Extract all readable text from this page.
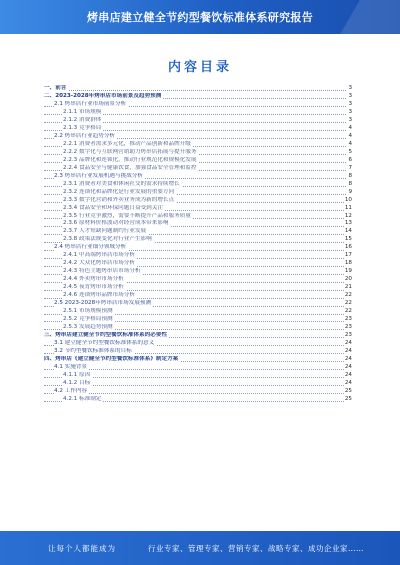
烤串店建立健全节约型餐饮标准体系研究报告
内容目录
一、前言	3
二、2023-2028年烤串店市场前景及趋势预测	3
2.1 烤串店行业市场前景分析	3
2.1.1 市场规模	3
2.1.2 消费群体	3
2.1.3 竞争格局	4
2.2 烤串店行业趋势分析	4
2.2.1 消费者需求多元化，推动产品创新和品牌升级	4
2.2.2 数字化与互联网营销助力烤串店拓展与提升服务	5
2.2.3 品牌化和连锁化，推动行业规范化和规模化发展	6
2.2.4 食品安全与健康饮食，加强食品安全管理和监控	7
2.3 烤串店行业发展机遇与挑战分析	8
2.3.1 消费者对美食和休闲社交的需求持续增长	8
2.3.2 连锁化和品牌化是行业发展的重要方向	9
2.3.3 数字化营销和外卖业务成为新的增长点	10
2.3.4 食品安全和环保问题日益受到关注	11
2.3.5 行业竞争激烈，需要不断提升产品和服务质量	12
2.3.6 原材料价格波动对经营成本带来影响	13
2.3.7 人才短缺问题制约行业发展	14
2.3.8 政策法规变化对行业产生影响	15
2.4 烤串店行业细分领域分析	16
2.4.1 中高端烤串店市场分析	17
2.4.2 大众化烤串店市场分析	18
2.4.3 特色主题烤串店市场分析	19
2.4.4 外卖烤串市场分析	20
2.4.5 夜宵烤串市场分析	21
2.4.6 连锁烤串品牌市场分析	22
2.5 2023-2028年烤串店市场发展预测	22
2.5.1 市场规模预测	22
2.5.2 竞争格局预测	23
2.5.3 发展趋势预测	23
三、烤串店建立健全节约型餐饮标准体系的必要性	23
3.1 建立健全节约型餐饮标准体系的意义	24
3.2 节约型餐饮标准体系的目标	24
四、烤串店《建立健全节约型餐饮标准体系》制定方案	24
4.1 实施背景	24
4.1.1 原因	24
4.1.2 目标	24
4.2 工作内容	25
4.2.1 标准制定	25
让每个人都能成为	行业专家、管理专家、营销专家、战略专家、成功企业家……
